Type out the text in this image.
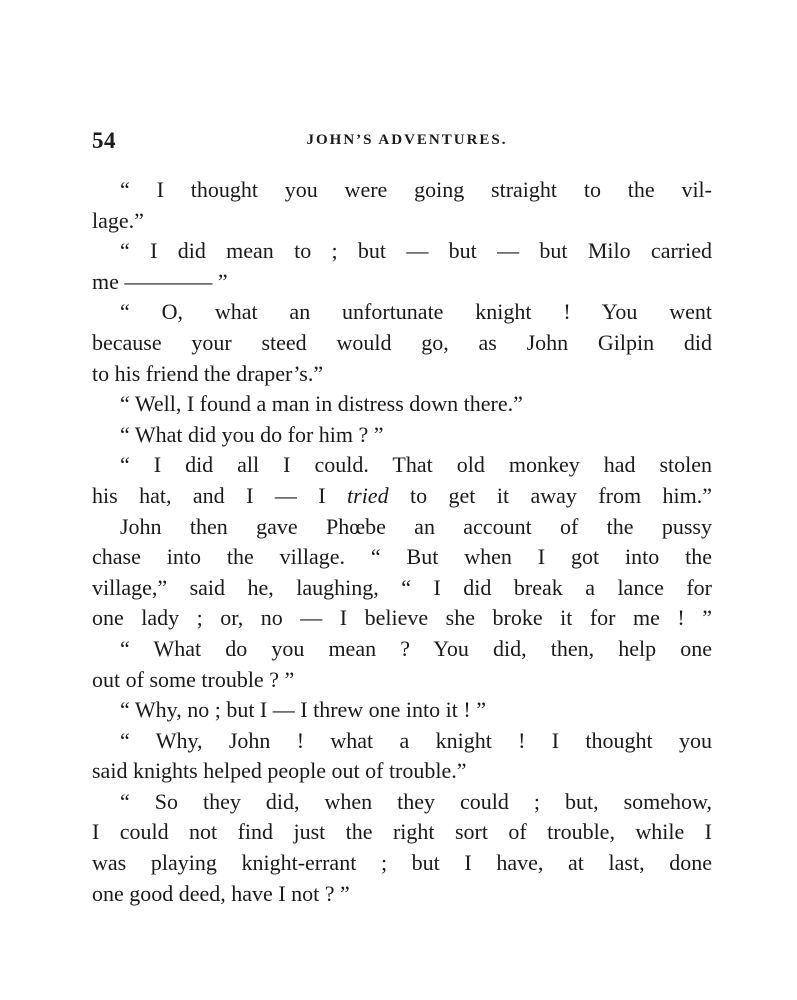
54	JOHN’S ADVENTURES.
“ I thought you were going straight to the vil-
lage.”
“ I did mean to ; but — but — but Milo carried
me ———— ”
“ O, what an unfortunate knight ! You went
because your steed would go, as John Gilpin did
to his friend the draper’s.”
“ Well, I found a man in distress down there.”
“ What did you do for him ? ”
“ I did all I could. That old monkey had stolen
his hat, and I — I tried to get it away from him.”
John then gave Phœbe an account of the pussy
chase into the village. “ But when I got into the
village,” said he, laughing, “ I did break a lance for
one lady ; or, no — I believe she broke it for me ! ”
“ What do you mean ? You did, then, help one
out of some trouble ? ”
“ Why, no ; but I — I threw one into it ! ”
“ Why, John ! what a knight ! I thought you
said knights helped people out of trouble.”
“ So they did, when they could ; but, somehow,
I could not find just the right sort of trouble, while I
was playing knight-errant ; but I have, at last, done
one good deed, have I not ? ”
